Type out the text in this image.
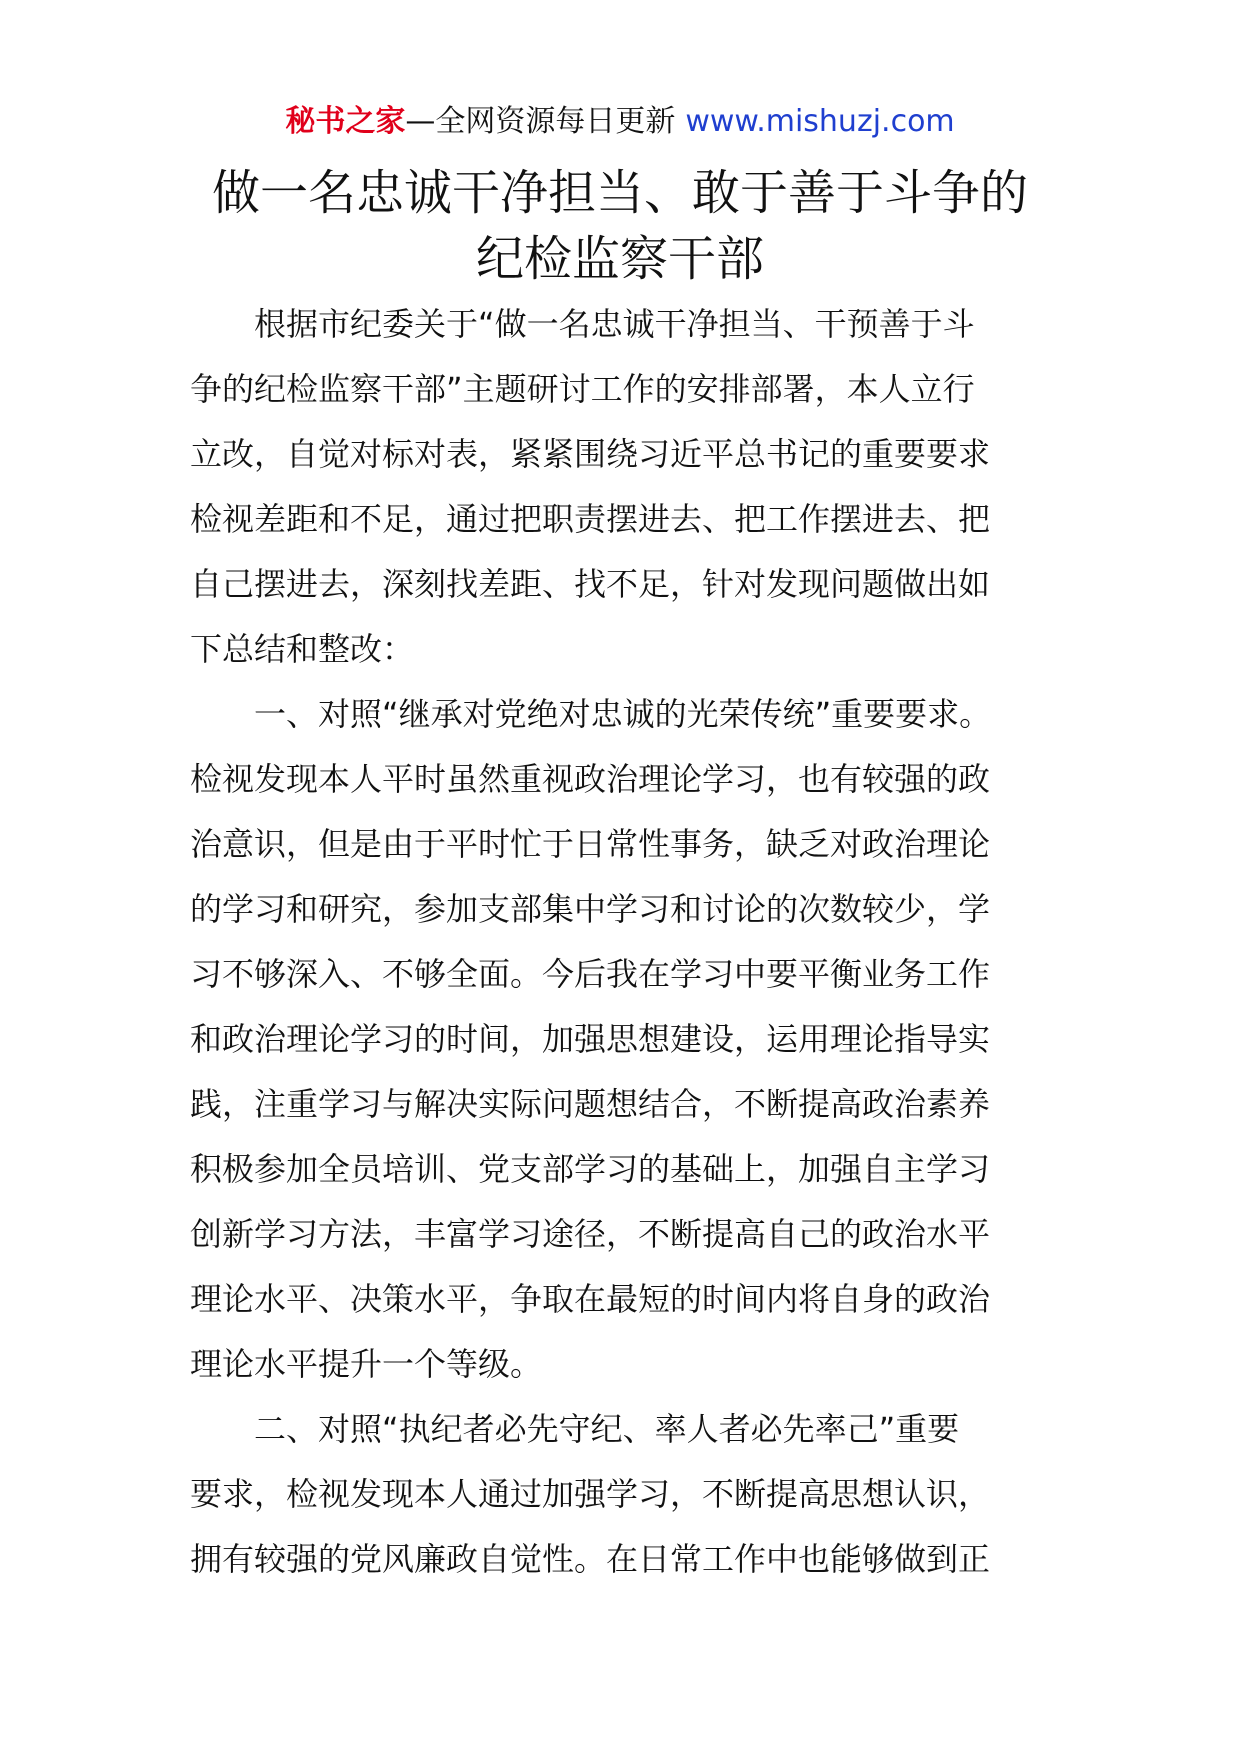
秘书之家—全网资源每日更新 www.mishuzj.com
做一名忠诚干净担当、敢于善于斗争的
纪检监察干部

根据市纪委关于“做一名忠诚干净担当、干预善于斗
争的纪检监察干部”主题研讨工作的安排部署，本人立行
立改，自觉对标对表，紧紧围绕习近平总书记的重要要求
检视差距和不足，通过把职责摆进去、把工作摆进去、把
自己摆进去，深刻找差距、找不足，针对发现问题做出如
下总结和整改：

一、对照“继承对党绝对忠诚的光荣传统”重要要求。
检视发现本人平时虽然重视政治理论学习，也有较强的政
治意识，但是由于平时忙于日常性事务，缺乏对政治理论
的学习和研究，参加支部集中学习和讨论的次数较少，学
习不够深入、不够全面。今后我在学习中要平衡业务工作
和政治理论学习的时间，加强思想建设，运用理论指导实
践，注重学习与解决实际问题想结合，不断提高政治素养
积极参加全员培训、党支部学习的基础上，加强自主学习
创新学习方法，丰富学习途径，不断提高自己的政治水平
理论水平、决策水平，争取在最短的时间内将自身的政治
理论水平提升一个等级。

二、对照“执纪者必先守纪、率人者必先率己”重要
要求，检视发现本人通过加强学习，不断提高思想认识，
拥有较强的党风廉政自觉性。在日常工作中也能够做到正
